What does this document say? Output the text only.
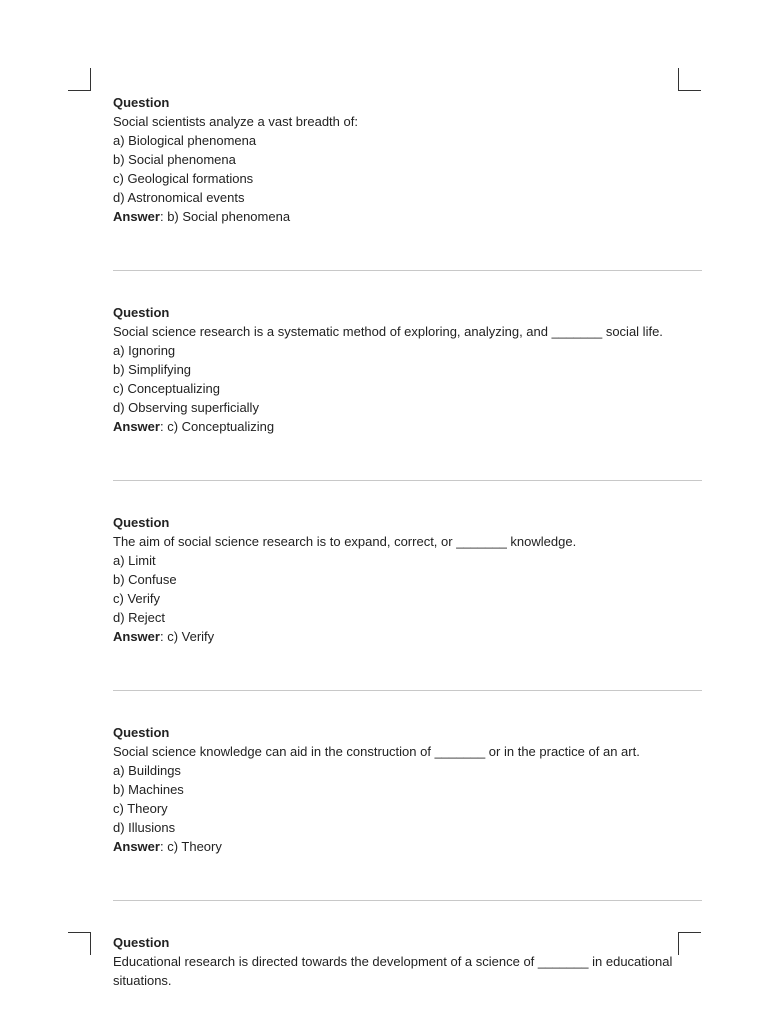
Question
Social scientists analyze a vast breadth of:
a) Biological phenomena
b) Social phenomena
c) Geological formations
d) Astronomical events
Answer: b) Social phenomena
Question
Social science research is a systematic method of exploring, analyzing, and _______ social life.
a) Ignoring
b) Simplifying
c) Conceptualizing
d) Observing superficially
Answer: c) Conceptualizing
Question
The aim of social science research is to expand, correct, or _______ knowledge.
a) Limit
b) Confuse
c) Verify
d) Reject
Answer: c) Verify
Question
Social science knowledge can aid in the construction of _______ or in the practice of an art.
a) Buildings
b) Machines
c) Theory
d) Illusions
Answer: c) Theory
Question
Educational research is directed towards the development of a science of _______ in educational situations.
